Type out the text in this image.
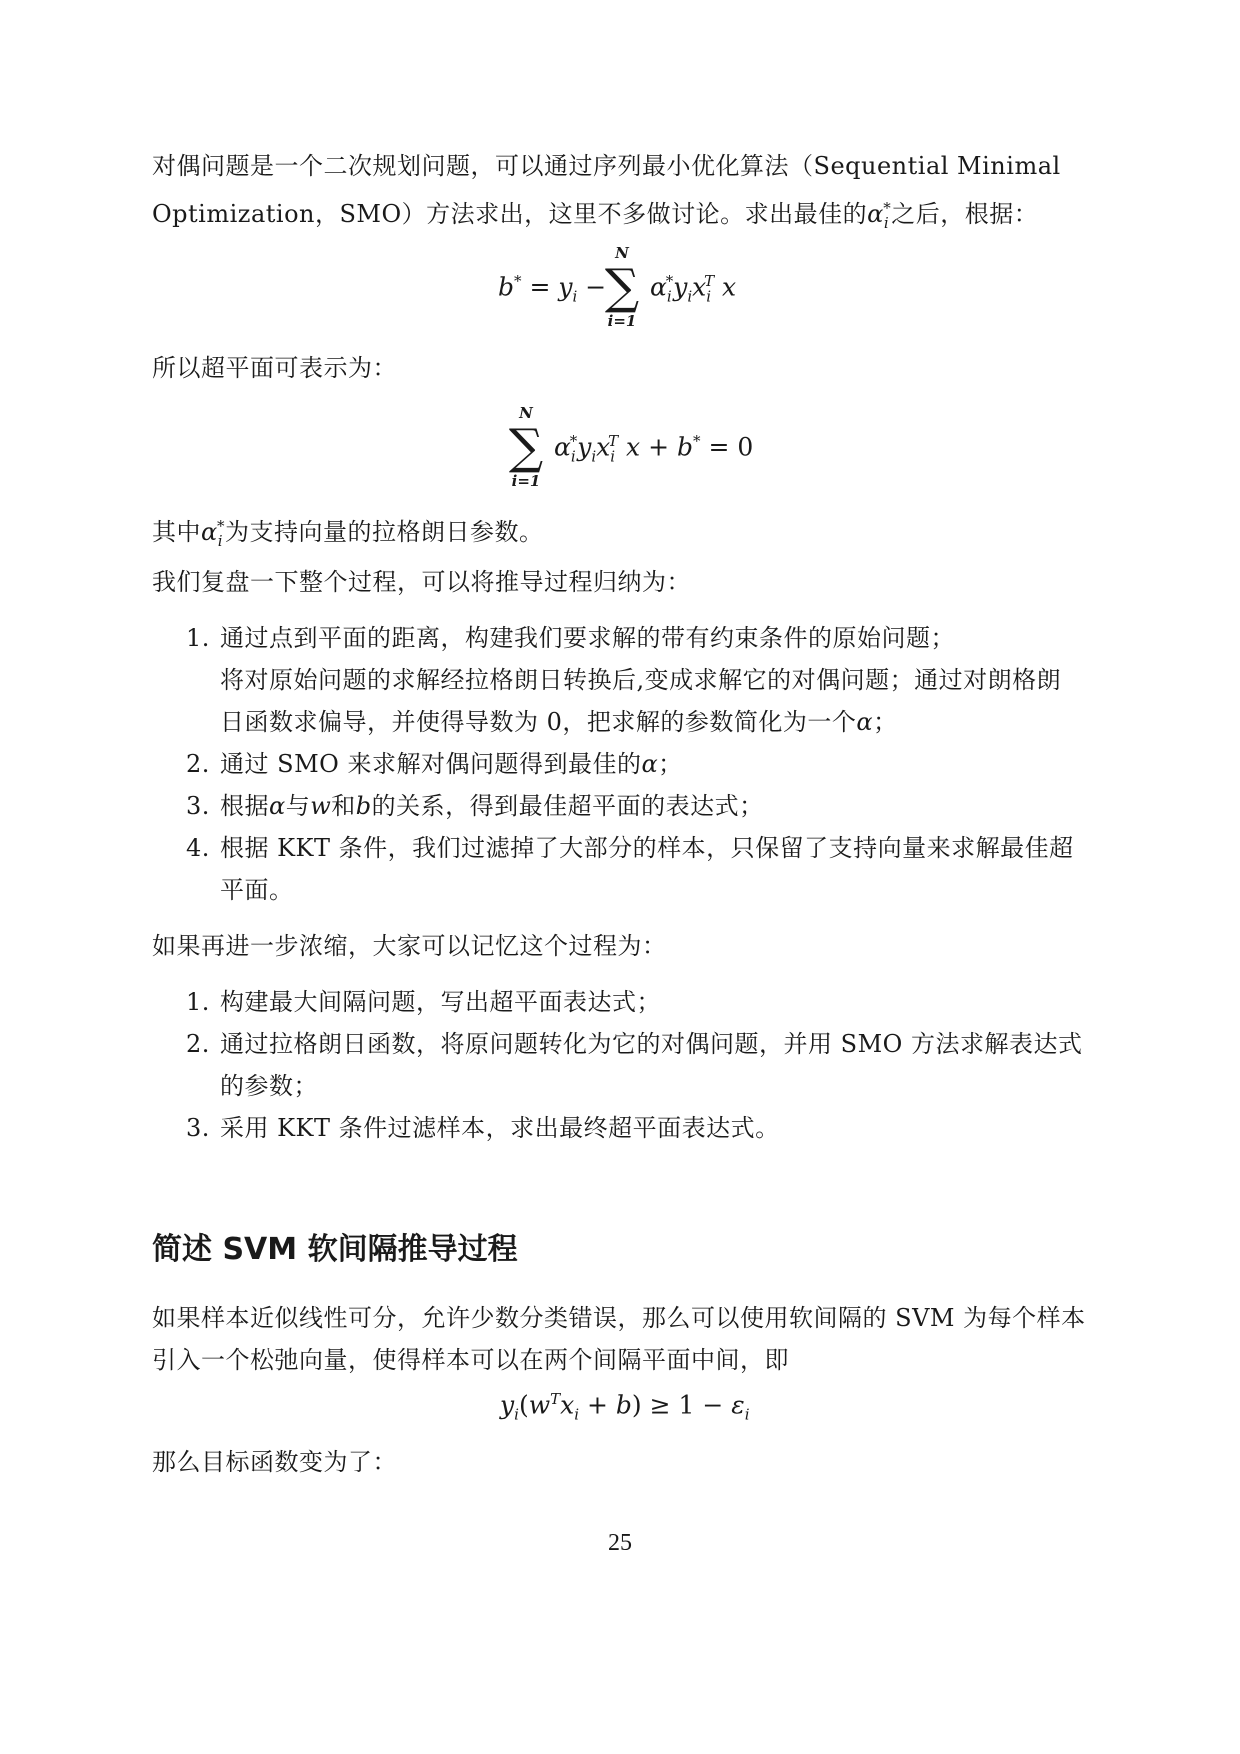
对偶问题是一个二次规划问题，可以通过序列最小优化算法（Sequential Minimal
Optimization，SMO）方法求出，这里不多做讨论。求出最佳的$\alpha_i^*$之后，根据：
$b^* = y_i$ −
N
∑
i=1
$\alpha_i^*y_ix_i^T$ x
所以超平面可表示为：
N
∑
i=1
$\alpha_i^*y_ix_i^T$ x + b* = 0
其中$\alpha_i^*$为支持向量的拉格朗日参数。
我们复盘一下整个过程，可以将推导过程归纳为：
1. 通过点到平面的距离，构建我们要求解的带有约束条件的原始问题；
将对原始问题的求解经拉格朗日转换后,变成求解它的对偶问题；通过对朗格朗
日函数求偏导，并使得导数为 0，把求解的参数简化为一个α；
2. 通过 SMO 来求解对偶问题得到最佳的α；
3. 根据α与w和b的关系，得到最佳超平面的表达式；
4. 根据 KKT 条件，我们过滤掉了大部分的样本，只保留了支持向量来求解最佳超
平面。
如果再进一步浓缩，大家可以记忆这个过程为：
1. 构建最大间隔问题，写出超平面表达式；
2. 通过拉格朗日函数，将原问题转化为它的对偶问题，并用 SMO 方法求解表达式
的参数；
3. 采用 KKT 条件过滤样本，求出最终超平面表达式。
简述 SVM 软间隔推导过程
如果样本近似线性可分，允许少数分类错误，那么可以使用软间隔的 SVM 为每个样本
引入一个松弛向量，使得样本可以在两个间隔平面中间，即
$y_i(w^Tx_i + b) \ge 1 - \varepsilon_i$
那么目标函数变为了：
25
